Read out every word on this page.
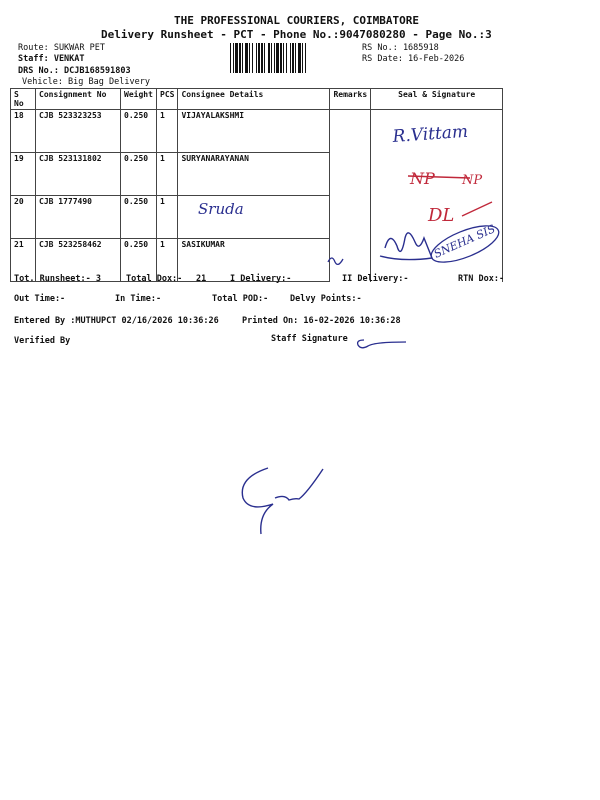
THE PROFESSIONAL COURIERS, COIMBATORE
Delivery Runsheet - PCT - Phone No.:9047080280 - Page No.:3
Route: SUKWAR PET
Staff: VENKAT
DRS No.: DCJB168591803
Vehicle: Big Bag Delivery
RS No.: 1685918
RS Date: 16-Feb-2026
S No	Consignment No	Weight	PCS	Consignee Details	Remarks	Seal & Signature
18	CJB 523323253	0.250	1	VIJAYALAKSHMI		
19	CJB 523131802	0.250	1	SURYANARAYANAN		
20	CJB 1777490	0.250	1			
21	CJB 523258462	0.250	1	SASIKUMAR		
R.Vittam
NP NP
Sruda	DL
SNEHA SIS
Tot. Runsheet:- 3	Total Dox:- 21	I Delivery:-	II Delivery:-	RTN Dox:-
Out Time:-	In Time:-	Total POD:-	Delvy Points:-
Entered By :MUTHUPCT 02/16/2026 10:36:26	Printed On: 16-02-2026 10:36:28
Verified By	Staff Signature
